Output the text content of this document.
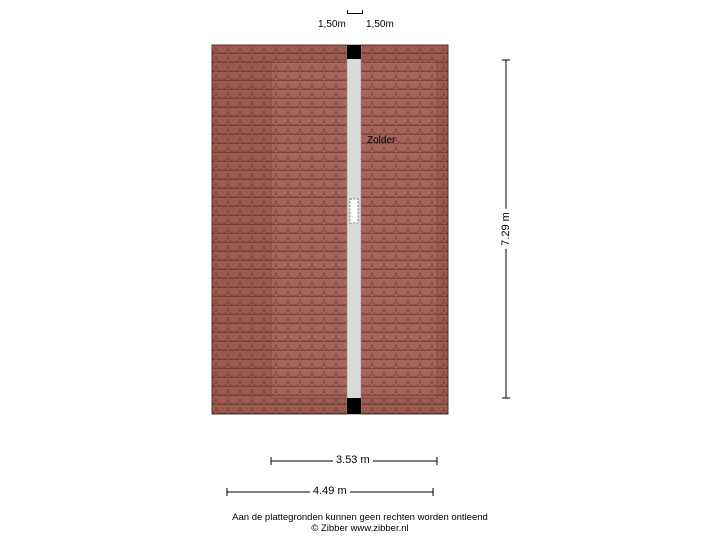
1,50m 1,50m
Zolder
7.29 m
3.53 m
4.49 m
Aan de plattegronden kunnen geen rechten worden ontleend
© Zibber www.zibber.nl
